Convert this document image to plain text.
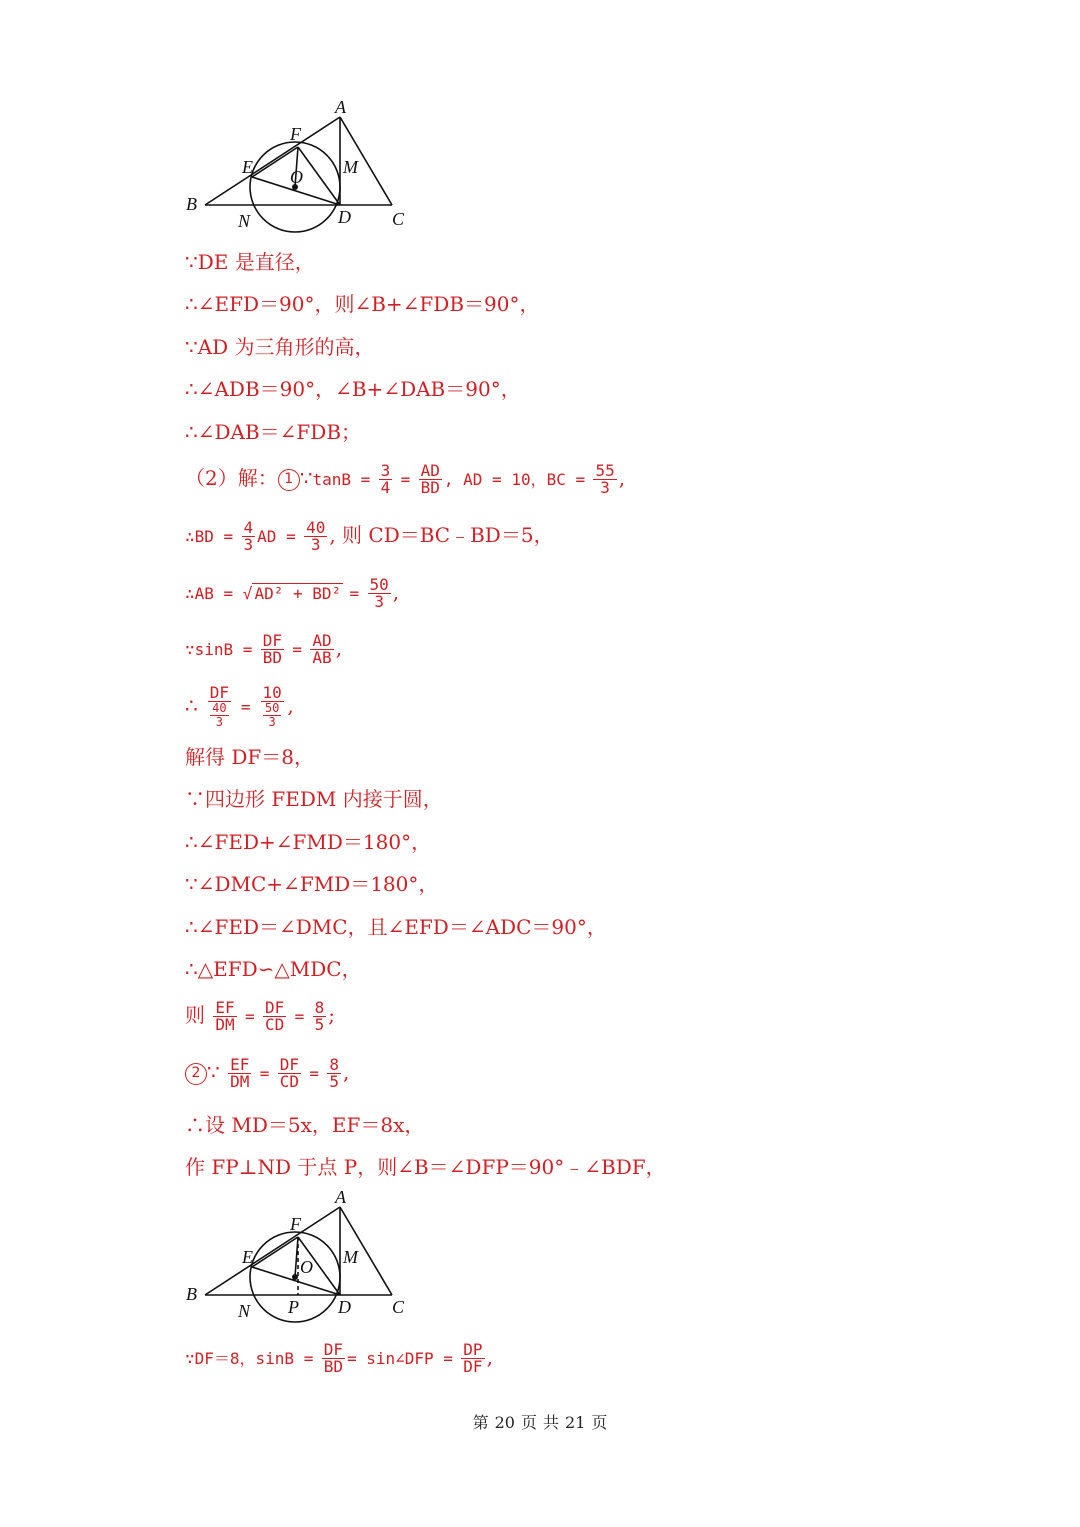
A
B
C
D
E
F
M
N
O
∵DE 是直径，
∴∠EFD＝90°，则∠B+∠FDB＝90°，
∵AD 为三角形的高，
∴∠ADB＝90°，∠B+∠DAB＝90°，
∴∠DAB＝∠FDB；
（2）解： 1 ∵tanB = $\frac{3}{4} = \frac{AD}{BD}$ , AD = 10，BC = $\frac{55}{3}$ ,
∴BD = $\frac{4}{3}$ AD = $\frac{40}{3}$ , 则 CD＝BC﹣BD＝5，
∴AB = √ $AD^2 + BD^2 = \frac{50}{3}$ ,
∵sinB = $\frac{DF}{BD} = \frac{AD}{AB}$ ,
∴ $\frac{DF}{\frac{40}{3}} = \frac{10}{\frac{50}{3}}$ ,
解得 DF＝8，
∵四边形 FEDM 内接于圆，
∴∠FED+∠FMD＝180°，
∵∠DMC+∠FMD＝180°，
∴∠FED＝∠DMC，且∠EFD＝∠ADC＝90°，
∴△EFD∽△MDC，
则 $\frac{EF}{DM} = \frac{DF}{CD} = \frac{8}{5}$ ;
2 ∵ $\frac{EF}{DM} = \frac{DF}{CD} = \frac{8}{5}$ ,
∴设 MD＝5x，EF＝8x，
作 FP⊥ND 于点 P，则∠B＝∠DFP＝90°﹣∠BDF，
A
B
C
D
E
F
M
N
O
P
∵DF＝8，$\sin B = \frac{DF}{BD}$ = sin∠DFP = $\frac{DP}{DF}$ ,
第 20 页 共 21 页
